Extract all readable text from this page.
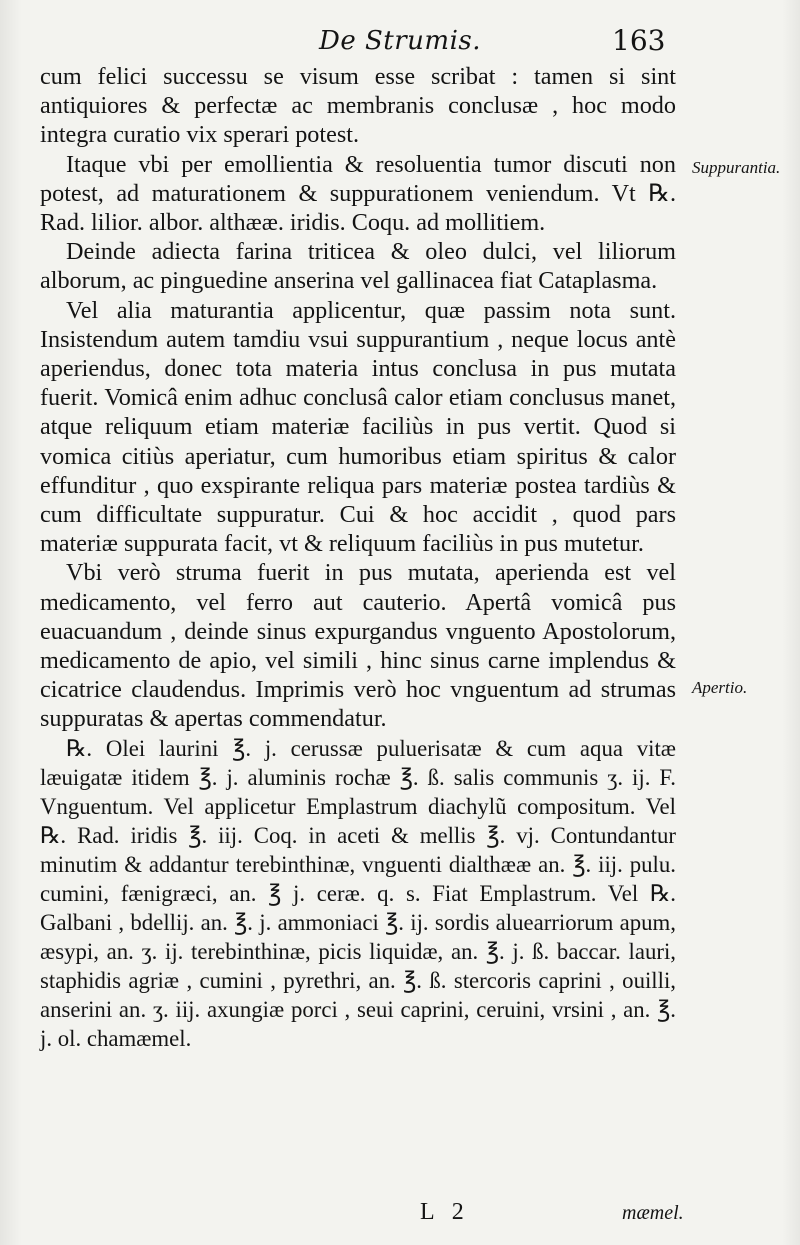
De Strumis.	163

cum felici successu se visum esse scribat : tamen si sint antiquiores & perfectæ ac membranis conclusæ , hoc modo integra curatio vix sperari potest.

Itaque vbi per emollientia & resoluentia tumor discuti non potest, ad maturationem & suppurationem veniendum. Vt ℞. Rad. lilior. albor. althææ. iridis. Coqu. ad mollitiem.

Deinde adiecta farina triticea & oleo dulci, vel liliorum alborum, ac pinguedine anserina vel gallinacea fiat Cataplasma.

Vel alia maturantia applicentur, quæ passim nota sunt. Insistendum autem tamdiu vsui suppurantium , neque locus antè aperiendus, donec tota materia intus conclusa in pus mutata fuerit. Vomicâ enim adhuc conclusâ calor etiam conclusus manet, atque reliquum etiam materiæ faciliùs in pus vertit. Quod si vomica citiùs aperiatur, cum humoribus etiam spiritus & calor effunditur , quo exspirante reliqua pars materiæ postea tardiùs & cum difficultate suppuratur. Cui & hoc accidit , quod pars materiæ suppurata facit, vt & reliquum faciliùs in pus mutetur.

Vbi verò struma fuerit in pus mutata, aperienda est vel medicamento, vel ferro aut cauterio. Apertâ vomicâ pus euacuandum , deinde sinus expurgandus vnguento Apostolorum, medicamento de apio, vel simili , hinc sinus carne implendus & cicatrice claudendus. Imprimis verò hoc vnguentum ad strumas suppuratas & apertas commendatur.

℞. Olei laurini ℥. j. cerussæ puluerisatæ & cum aqua vitæ læuigatæ itidem ℥. j. aluminis rochæ ℥. ß. salis communis ʒ. ij. F. Vnguentum. Vel applicetur Emplastrum diachylũ compositum. Vel ℞. Rad. iridis ℥. iij. Coq. in aceti & mellis ℥. vj. Contundantur minutim & addantur terebinthinæ, vnguenti dialthææ an. ℥. iij. pulu. cumini, fænigræci, an. ℥ j. ceræ. q. s. Fiat Emplastrum. Vel ℞. Galbani , bdellij. an. ℥. j. ammoniaci ℥. ij. sordis aluearriorum apum, æsypi, an. ʒ. ij. terebinthinæ, picis liquidæ, an. ℥. j. ß. baccar. lauri, staphidis agriæ , cumini , pyrethri, an. ℥. ß. stercoris caprini , ouilli, anserini an. ʒ. iij. axungiæ porci , seui caprini, ceruini, vrsini , an. ℥. j. ol. chamæmel.

Suppurantia.
Apertio.
L 2	mæmel.
